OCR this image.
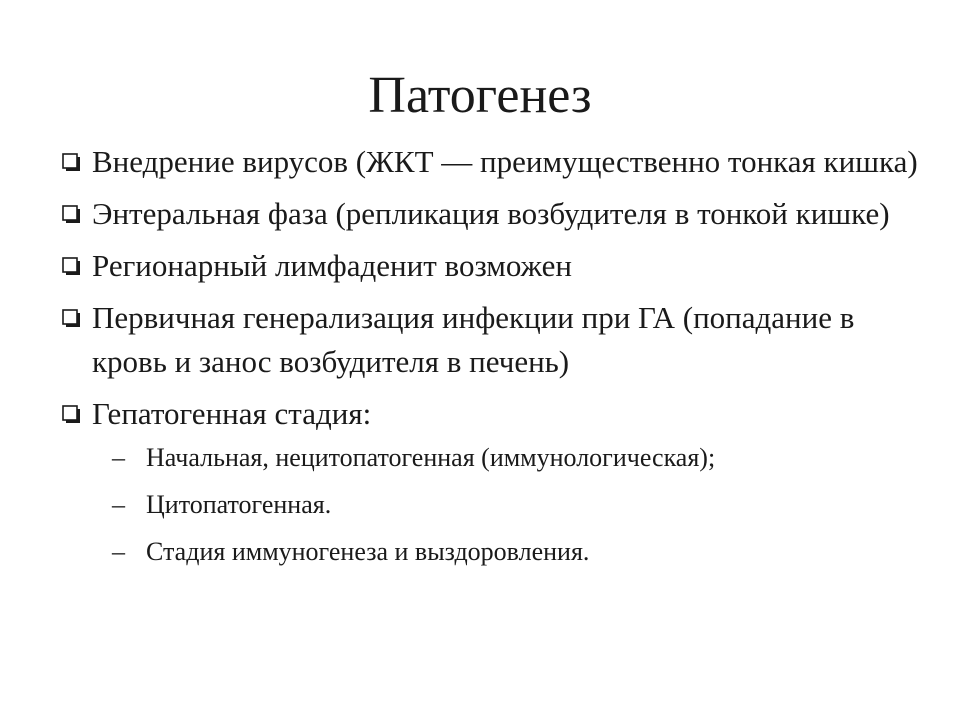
Патогенез
Внедрение вирусов (ЖКТ — преимущественно тонкая кишка)
Энтеральная фаза (репликация возбудителя в тонкой кишке)
Регионарный лимфаденит возможен
Первичная генерализация инфекции при ГА (попадание в кровь и занос возбудителя в печень)
Гепатогенная стадия:
– Начальная, нецитопатогенная (иммунологическая);
– Цитопатогенная.
– Стадия иммуногенеза и выздоровления.
